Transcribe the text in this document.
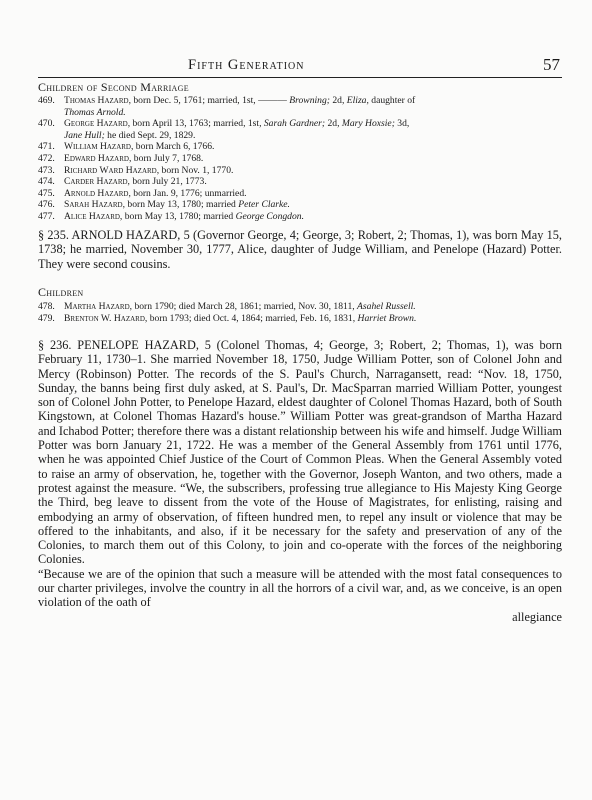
Fifth Generation	57
Children of Second Marriage
469. Thomas Hazard, born Dec. 5, 1761; married, 1st, ——— Browning; 2d, Eliza, daughter of
Thomas Arnold.
470. George Hazard, born April 13, 1763; married, 1st, Sarah Gardner; 2d, Mary Hoxsie; 3d,
Jane Hull; he died Sept. 29, 1829.
471. William Hazard, born March 6, 1766.
472. Edward Hazard, born July 7, 1768.
473. Richard Ward Hazard, born Nov. 1, 1770.
474. Carder Hazard, born July 21, 1773.
475. Arnold Hazard, born Jan. 9, 1776; unmarried.
476. Sarah Hazard, born May 13, 1780; married Peter Clarke.
477. Alice Hazard, born May 13, 1780; married George Congdon.

§ 235. ARNOLD HAZARD, 5 (Governor George, 4; George, 3; Robert, 2; Thomas, 1), was born May 15, 1738; he married, November 30, 1777, Alice, daughter of Judge William, and Penelope (Hazard) Potter. They were second cousins.

Children
478. Martha Hazard, born 1790; died March 28, 1861; married, Nov. 30, 1811, Asahel Russell.
479. Brenton W. Hazard, born 1793; died Oct. 4, 1864; married, Feb. 16, 1831, Harriet Brown.

§ 236. PENELOPE HAZARD, 5 (Colonel Thomas, 4; George, 3; Robert, 2; Thomas, 1), was born February 11, 1730–1. She married November 18, 1750, Judge William Potter, son of Colonel John and Mercy (Robinson) Potter. The records of the S. Paul's Church, Narragansett, read: “Nov. 18, 1750, Sunday, the banns being first duly asked, at S. Paul's, Dr. MacSparran married William Potter, youngest son of Colonel John Potter, to Penelope Hazard, eldest daughter of Colonel Thomas Hazard, both of South Kingstown, at Colonel Thomas Hazard's house.” William Potter was great-grandson of Martha Hazard and Ichabod Potter; therefore there was a distant relationship between his wife and himself. Judge William Potter was born January 21, 1722. He was a member of the General Assembly from 1761 until 1776, when he was appointed Chief Justice of the Court of Common Pleas. When the General Assembly voted to raise an army of observation, he, together with the Governor, Joseph Wanton, and two others, made a protest against the measure. “We, the subscribers, professing true allegiance to His Majesty King George the Third, beg leave to dissent from the vote of the House of Magistrates, for enlisting, raising and embodying an army of observation, of fifteen hundred men, to repel any insult or violence that may be offered to the inhabitants, and also, if it be necessary for the safety and preservation of any of the Colonies, to march them out of this Colony, to join and co-operate with the forces of the neighboring Colonies.

“Because we are of the opinion that such a measure will be attended with the most fatal consequences to our charter privileges, involve the country in all the horrors of a civil war, and, as we conceive, is an open violation of the oath of

allegiance
